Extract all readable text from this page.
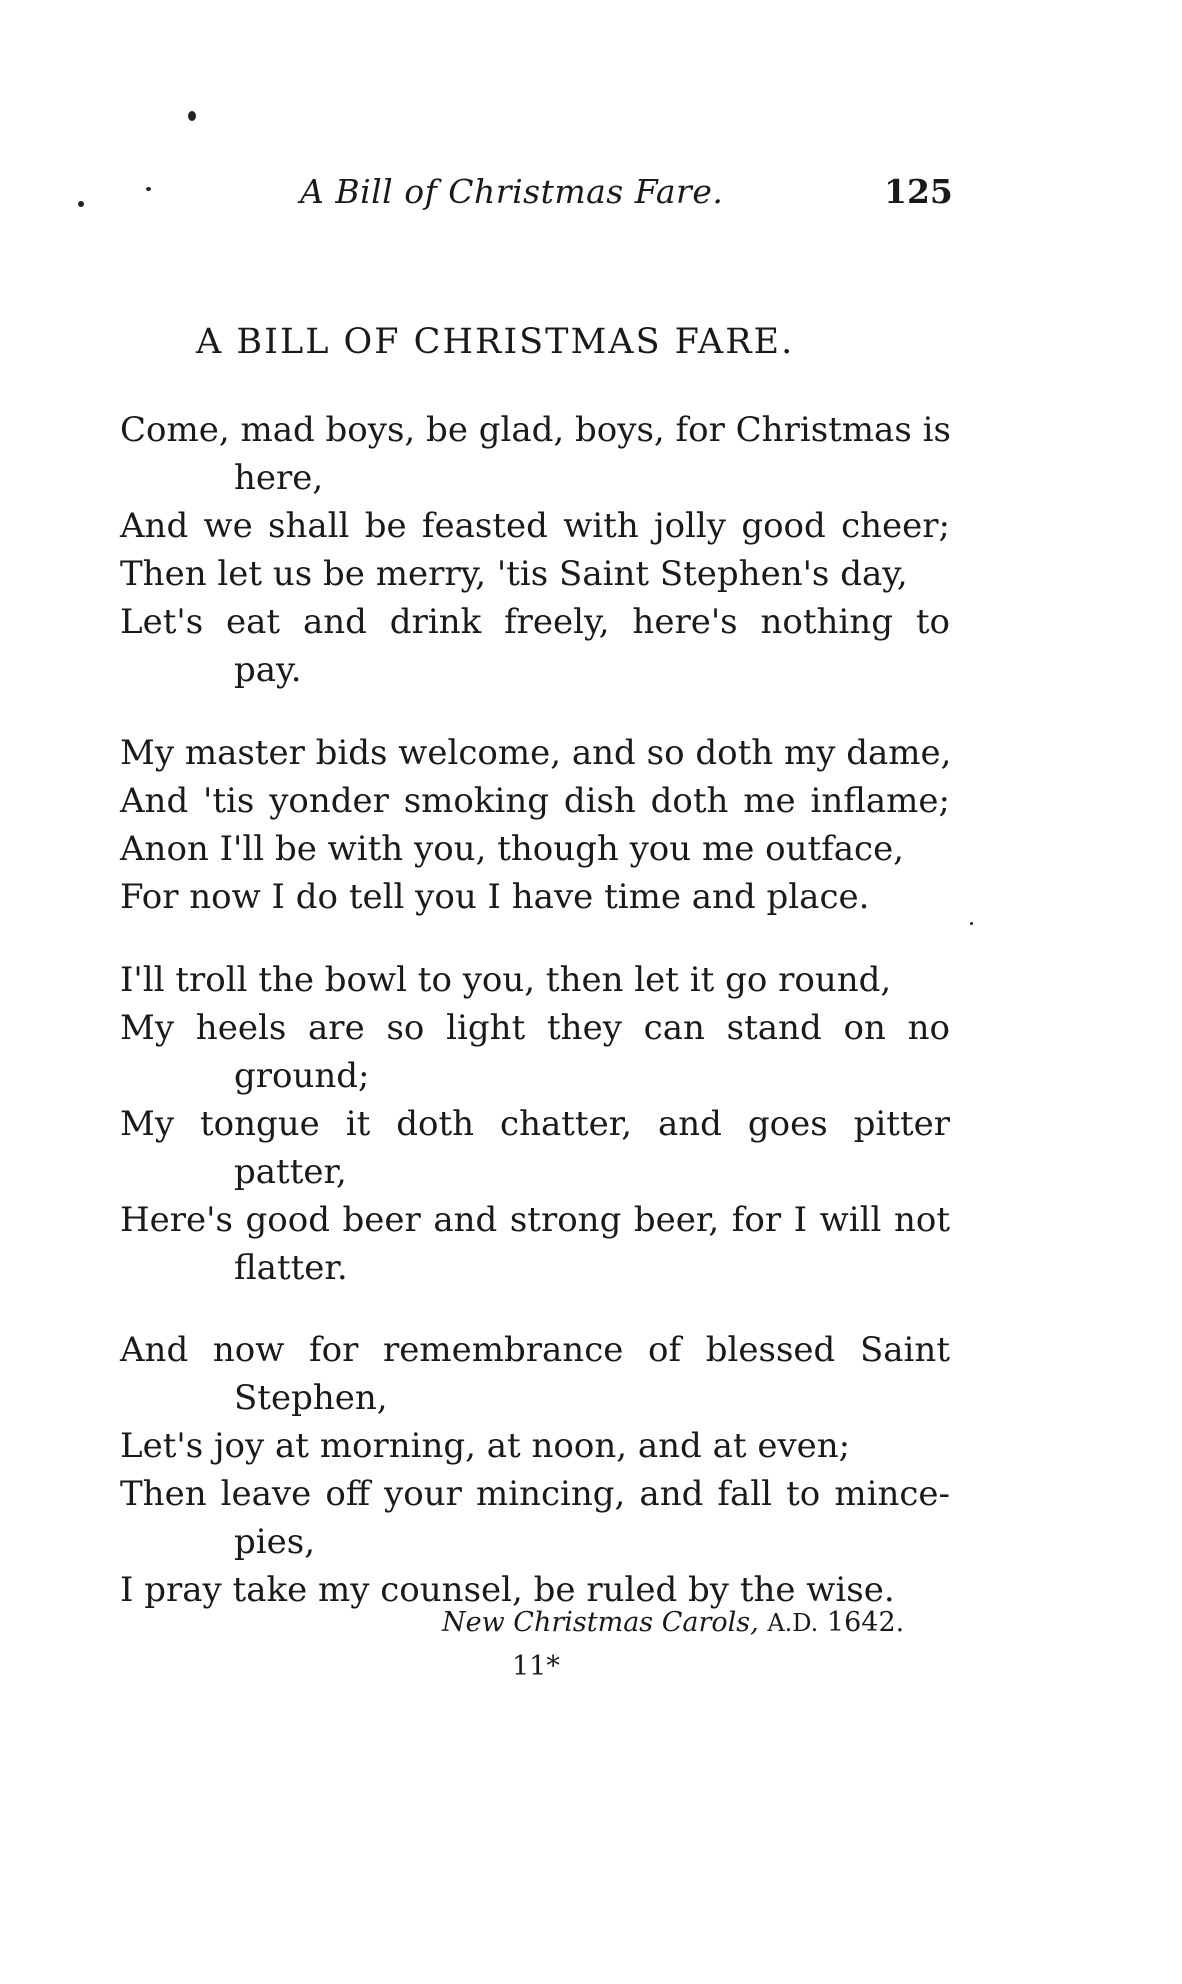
A Bill of Christmas Fare.	125
A BILL OF CHRISTMAS FARE.
Come, mad boys, be glad, boys, for Christmas is
here,
And we shall be feasted with jolly good cheer;
Then let us be merry, 'tis Saint Stephen's day,
Let's eat and drink freely, here's nothing to
pay.
My master bids welcome, and so doth my dame,
And 'tis yonder smoking dish doth me inflame;
Anon I'll be with you, though you me outface,
For now I do tell you I have time and place.
I'll troll the bowl to you, then let it go round,
My heels are so light they can stand on no
ground;
My tongue it doth chatter, and goes pitter
patter,
Here's good beer and strong beer, for I will not
flatter.
And now for remembrance of blessed Saint
Stephen,
Let's joy at morning, at noon, and at even;
Then leave off your mincing, and fall to mince-
pies,
I pray take my counsel, be ruled by the wise.
New Christmas Carols, A.D. 1642.
11*
